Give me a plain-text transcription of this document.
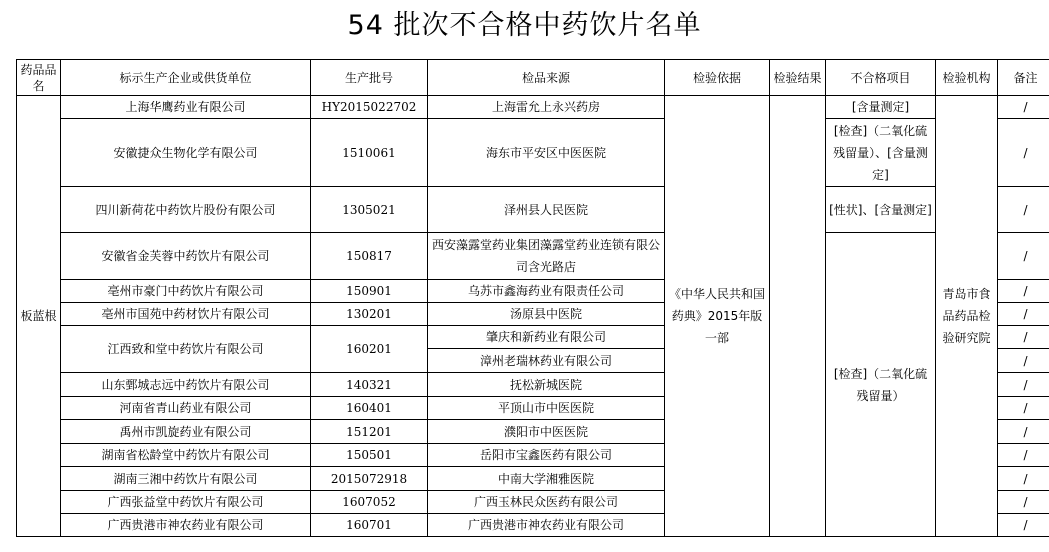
54 批次不合格中药饮片名单
药品品名	标示生产企业或供货单位	生产批号	检品来源	检验依据	检验结果	不合格项目	检验机构	备注
板蓝根	上海华鹰药业有限公司	HY2015022702	上海雷允上永兴药房	《中华人民共和国药典》2015年版一部		[含量测定]	青岛市食品药品检验研究院	/
	安徽捷众生物化学有限公司	1510061	海东市平安区中医医院			[检查]（二氧化硫残留量）、[含量测定]		/
	四川新荷花中药饮片股份有限公司	1305021	泽州县人民医院			[性状]、[含量测定]		/
	安徽省金芙蓉中药饮片有限公司	150817	西安藻露堂药业集团藻露堂药业连锁有限公司含光路店			[检查]（二氧化硫残留量）		/
	亳州市豪门中药饮片有限公司	150901	乌苏市鑫海药业有限责任公司					/
	亳州市国苑中药材饮片有限公司	130201	汤原县中医院					/
	江西致和堂中药饮片有限公司	160201	肇庆和新药业有限公司					/
			漳州老瑞林药业有限公司					/
	山东鄄城志远中药饮片有限公司	140321	抚松新城医院					/
	河南省青山药业有限公司	160401	平顶山市中医医院					/
	禹州市凯旋药业有限公司	151201	濮阳市中医医院					/
	湖南省松龄堂中药饮片有限公司	150501	岳阳市宝鑫医药有限公司					/
	湖南三湘中药饮片有限公司	2015072918	中南大学湘雅医院					/
	广西张益堂中药饮片有限公司	1607052	广西玉林民众医药有限公司					/
	广西贵港市神农药业有限公司	160701	广西贵港市神农药业有限公司					/
